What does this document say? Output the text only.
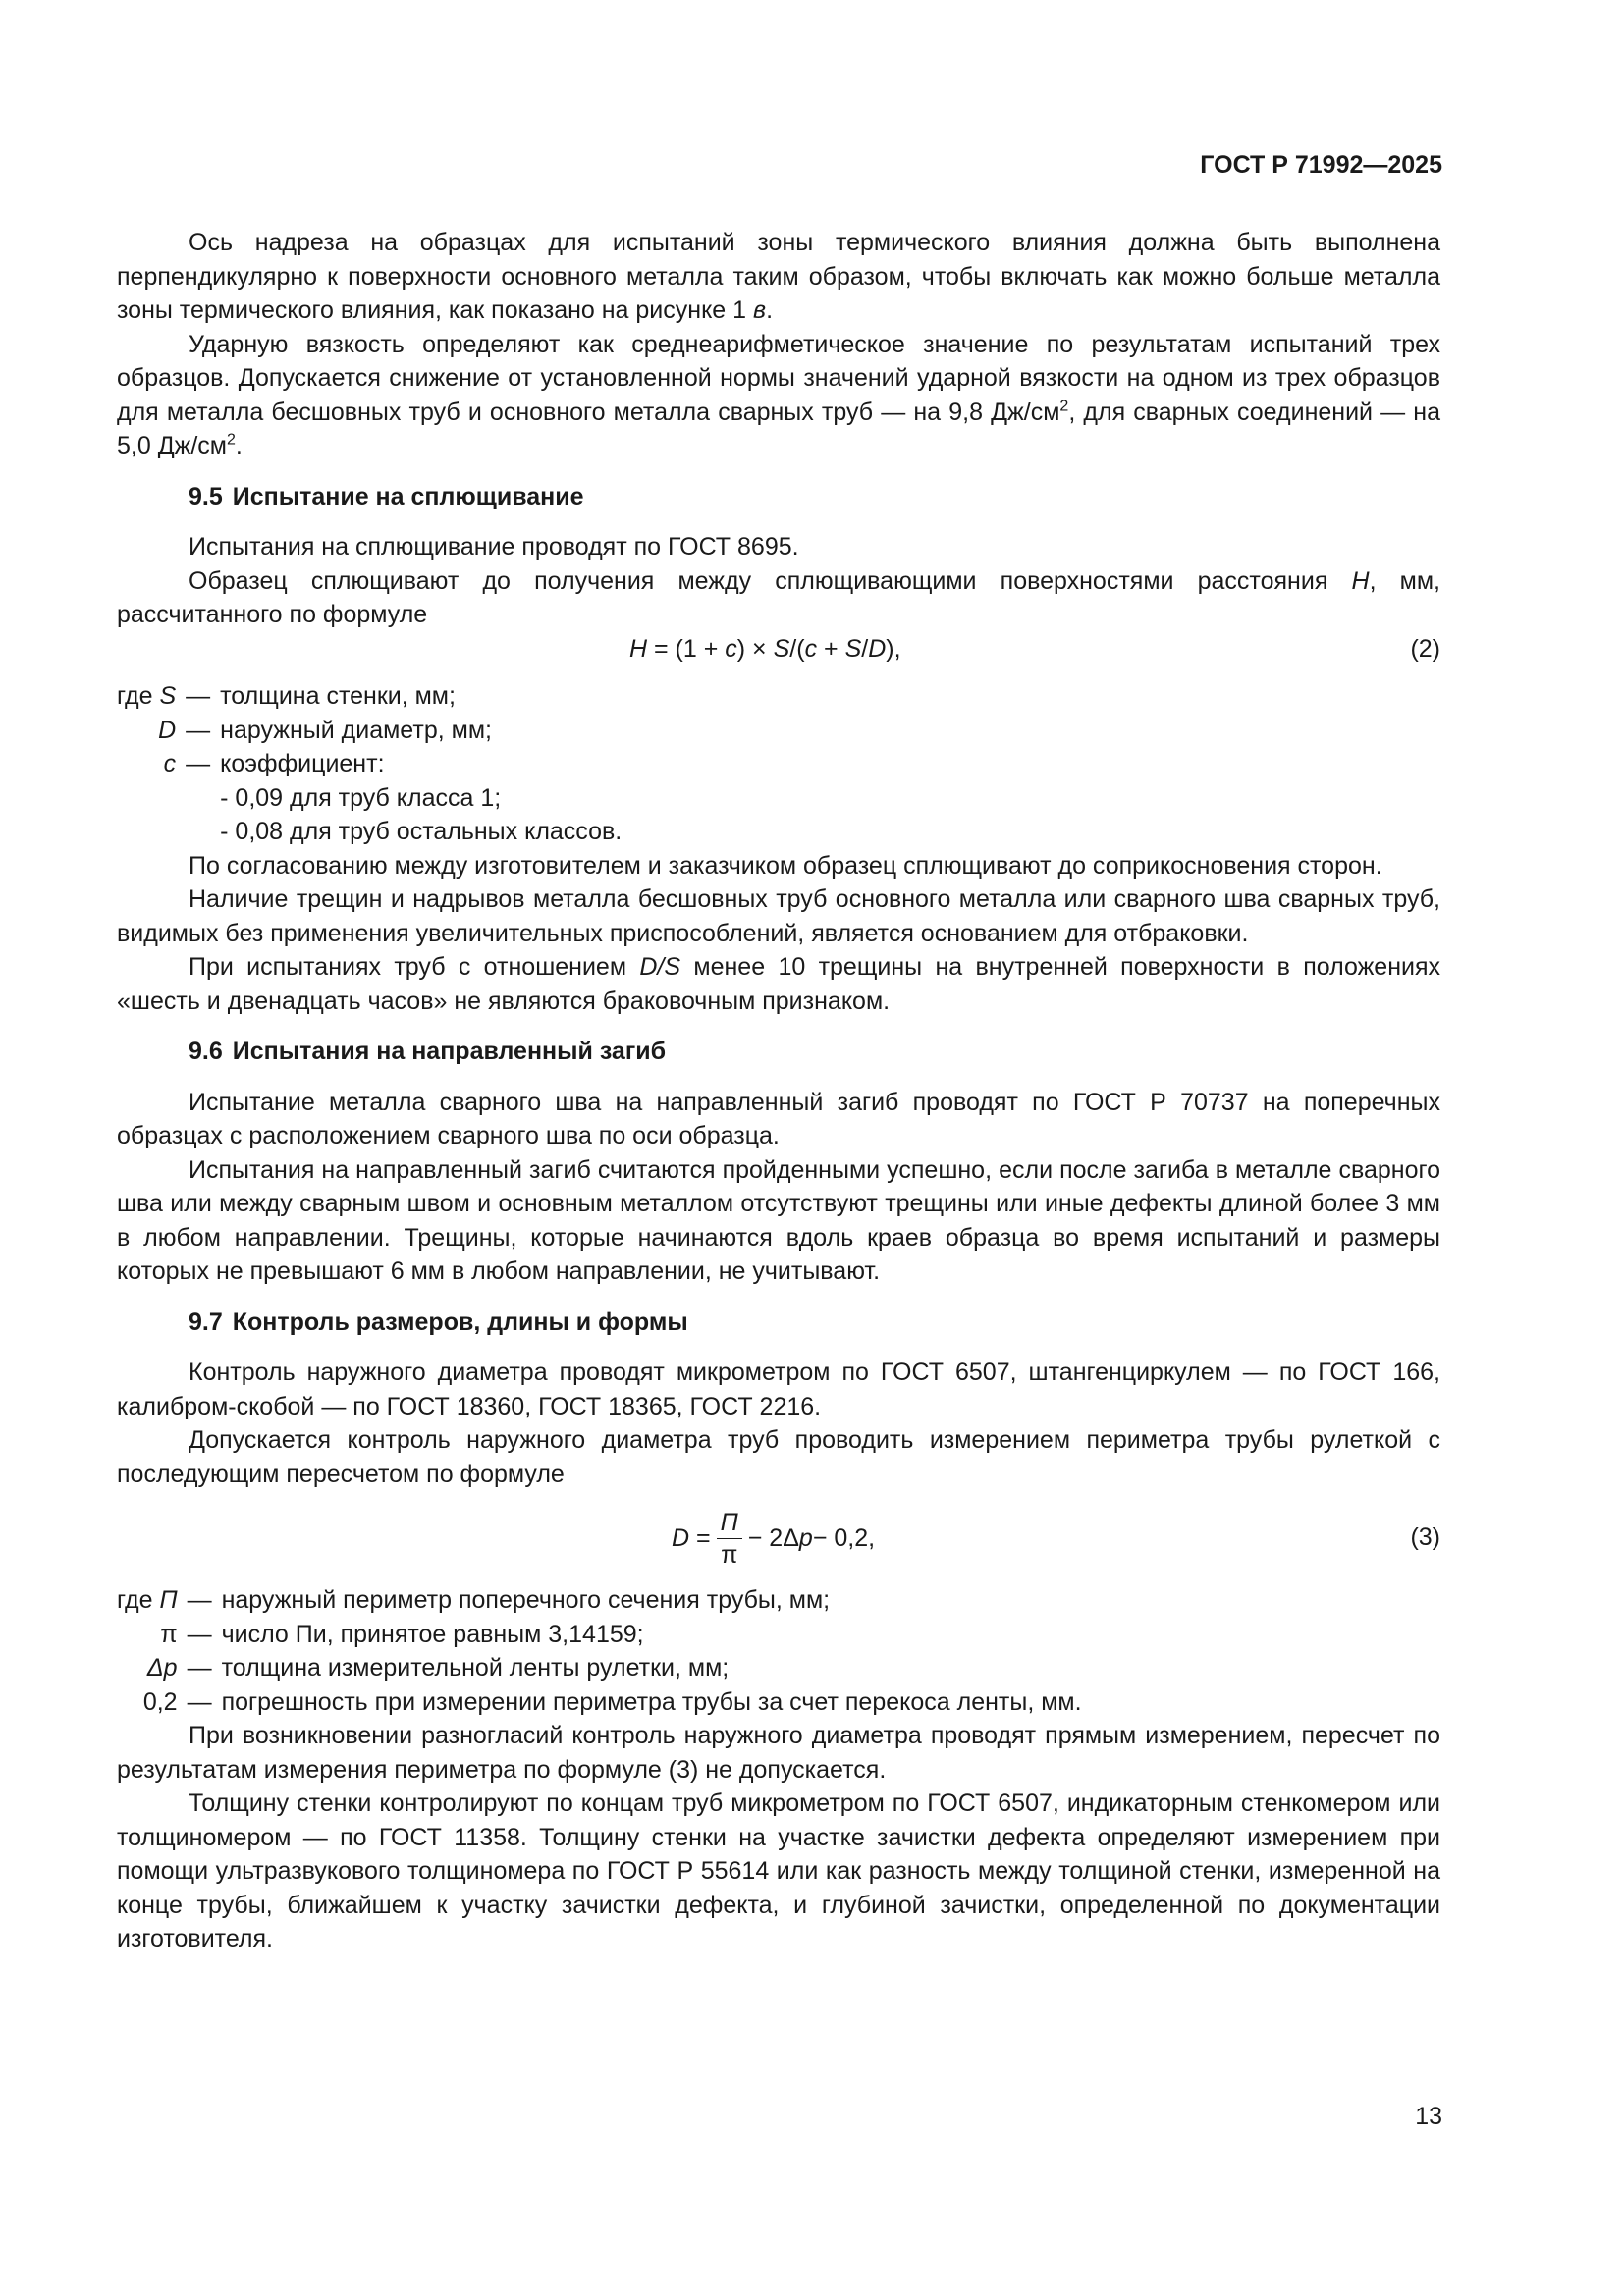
ГОСТ Р 71992—2025

Ось надреза на образцах для испытаний зоны термического влияния должна быть выполнена перпендикулярно к поверхности основного металла таким образом, чтобы включать как можно больше металла зоны термического влияния, как показано на рисунке 1 в.

Ударную вязкость определяют как среднеарифметическое значение по результатам испытаний трех образцов. Допускается снижение от установленной нормы значений ударной вязкости на одном из трех образцов для металла бесшовных труб и основного металла сварных труб — на 9,8 $Дж/см^2$, для сварных соединений — на 5,0 $Дж/см^2$.

9.5 Испытание на сплющивание

Испытания на сплющивание проводят по ГОСТ 8695.

Образец сплющивают до получения между сплющивающими поверхностями расстояния H, мм, рассчитанного по формуле

H = (1 + c) × S/(c + S/D),	(2)
где S — толщина стенки, мм;
D — наружный диаметр, мм;
c — коэффициент:
- 0,09 для труб класса 1;
- 0,08 для труб остальных классов.

По согласованию между изготовителем и заказчиком образец сплющивают до соприкосновения сторон.

Наличие трещин и надрывов металла бесшовных труб основного металла или сварного шва сварных труб, видимых без применения увеличительных приспособлений, является основанием для отбраковки.

При испытаниях труб с отношением D/S менее 10 трещины на внутренней поверхности в положениях «шесть и двенадцать часов» не являются браковочным признаком.

9.6 Испытания на направленный загиб

Испытание металла сварного шва на направленный загиб проводят по ГОСТ Р 70737 на поперечных образцах с расположением сварного шва по оси образца.

Испытания на направленный загиб считаются пройденными успешно, если после загиба в металле сварного шва или между сварным швом и основным металлом отсутствуют трещины или иные дефекты длиной более 3 мм в любом направлении. Трещины, которые начинаются вдоль краев образца во время испытаний и размеры которых не превышают 6 мм в любом направлении, не учитывают.

9.7 Контроль размеров, длины и формы

Контроль наружного диаметра проводят микрометром по ГОСТ 6507, штангенциркулем — по ГОСТ 166, калибром-скобой — по ГОСТ 18360, ГОСТ 18365, ГОСТ 2216.

Допускается контроль наружного диаметра труб проводить измерением периметра трубы рулеткой с последующим пересчетом по формуле

D
= $\frac{П}{\pi} - 2\Delta$ p − 0,2,	(3)
где П — наружный периметр поперечного сечения трубы, мм;
π — число Пи, принятое равным 3,14159;
Δp — толщина измерительной ленты рулетки, мм;
0,2 — погрешность при измерении периметра трубы за счет перекоса ленты, мм.

При возникновении разногласий контроль наружного диаметра проводят прямым измерением, пересчет по результатам измерения периметра по формуле (3) не допускается.

Толщину стенки контролируют по концам труб микрометром по ГОСТ 6507, индикаторным стенкомером или толщиномером — по ГОСТ 11358. Толщину стенки на участке зачистки дефекта определяют измерением при помощи ультразвукового толщиномера по ГОСТ Р 55614 или как разность между толщиной стенки, измеренной на конце трубы, ближайшем к участку зачистки дефекта, и глубиной зачистки, определенной по документации изготовителя.

13
